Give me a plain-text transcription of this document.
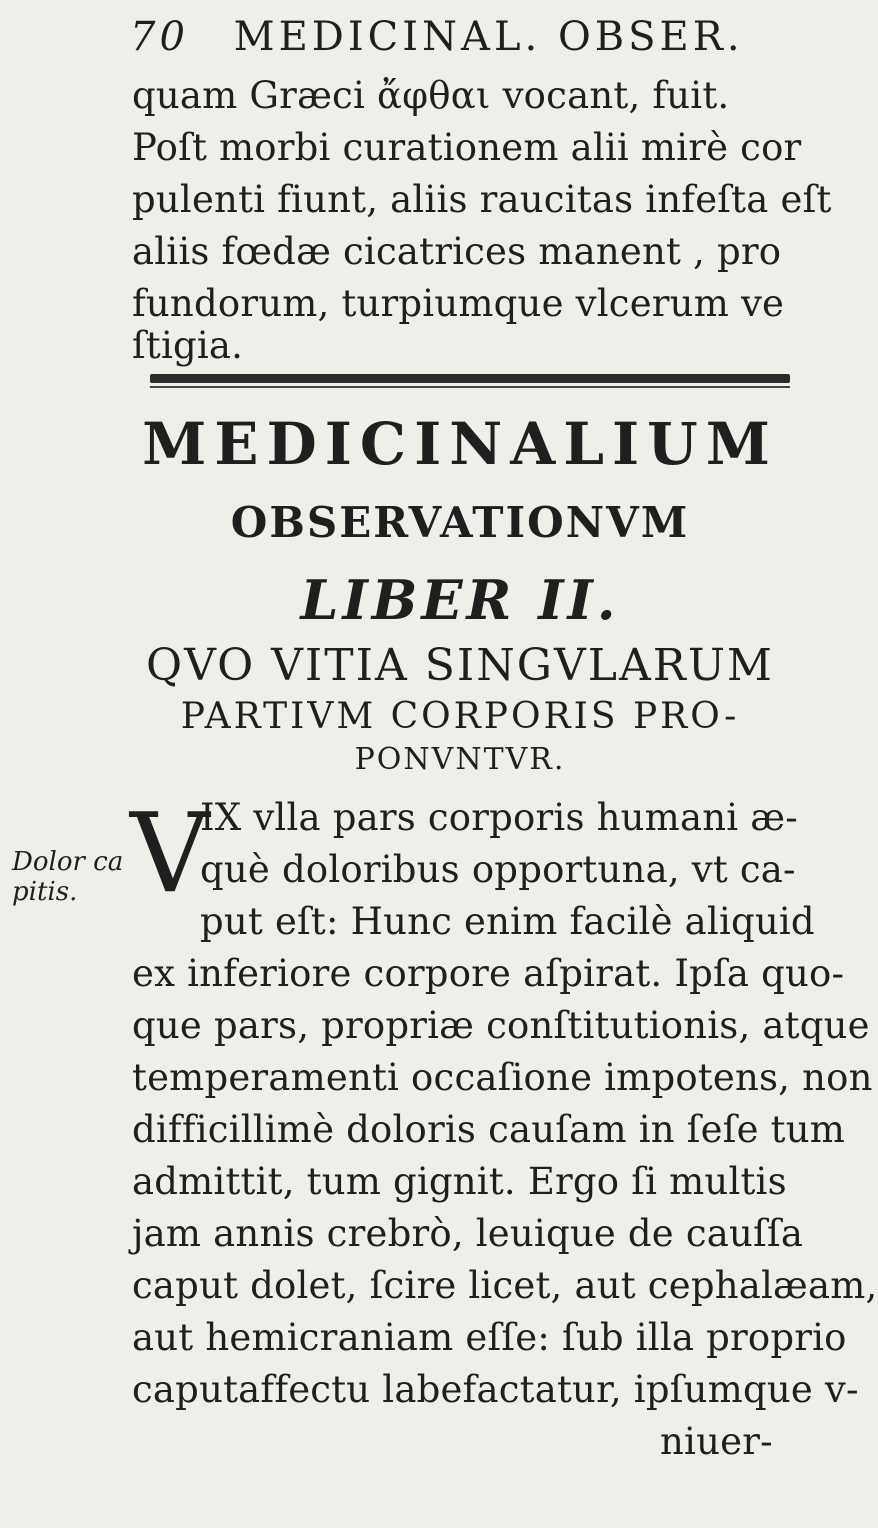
70 MEDICINAL. OBSER.
quam Græci ἄφθαι vocant, fuit.
Poſt morbi curationem alii mirè cor
pulenti fiunt, aliis raucitas infeſta eſt
aliis fœdæ cicatrices manent , pro
fundorum, turpiumque vlcerum ve
ſtigia.
MEDICINALIUM
OBSERVATIONVM
LIBER II.
QVO VITIA SINGVLARUM
PARTIVM CORPORIS PRO-
PONVNTVR.
V
IX vlla pars corporis humani æ-
què doloribus opportuna, vt ca-
put eſt: Hunc enim facilè aliquid
ex inferiore corpore aſpirat. Ipſa quo-
que pars, propriæ conſtitutionis, atque
temperamenti occaſione impotens, non
difficillimè doloris cauſam in ſeſe tum
admittit, tum gignit. Ergo ſi multis
jam annis crebrò, leuique de cauſſa
caput dolet, ſcire licet, aut cephalæam,
aut hemicraniam eſſe: ſub illa proprio
caputaffectu labefactatur, ipſumque v-
niuer-
Dolor ca
pitis.
